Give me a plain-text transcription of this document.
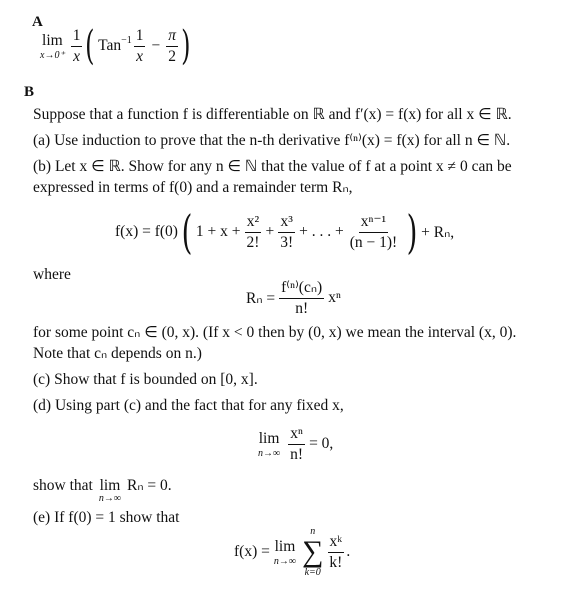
A
lim
$x\to 0^+ \frac{1}{x}$ ( $Tan^{-1} \frac{1}{x} - \frac{\pi}{2}$ )
B
Suppose that a function f is differentiable on ℝ and f′(x) = f(x) for all x ∈ ℝ.
(a) Use induction to prove that the n-th derivative f⁽ⁿ⁾(x) = f(x) for all n ∈ ℕ.
(b) Let x ∈ ℝ. Show for any n ∈ ℕ that the value of f at a point x ≠ 0 can be
expressed in terms of f(0) and a remainder term Rₙ,
f(x) = f(0) ( $1 + x + \frac{\text{x²}}{2!} + \frac{\text{x³}}{3!}$ + . . . + $\frac{\text{xⁿ⁻¹}}{(n - 1)!}$ ) + Rₙ,
where
$R_n = \frac{\text{f⁽ⁿ⁾(cₙ)}}{n!}$ xⁿ
for some point cₙ ∈ (0, x). (If x < 0 then by (0, x) we mean the interval (x, 0).
Note that cₙ depends on n.)
(c) Show that f is bounded on [0, x].
(d) Using part (c) and the fact that for any fixed x,
lim
$n\to\infty \frac{\text{xⁿ}}{n!} = 0$,
show that lim
n→∞
Rₙ = 0.
(e) If f(0) = 1 show that
f(x) = lim
n→∞
n
∑
k=0
$\frac{\text{xᵏ}}{k!}$ .
